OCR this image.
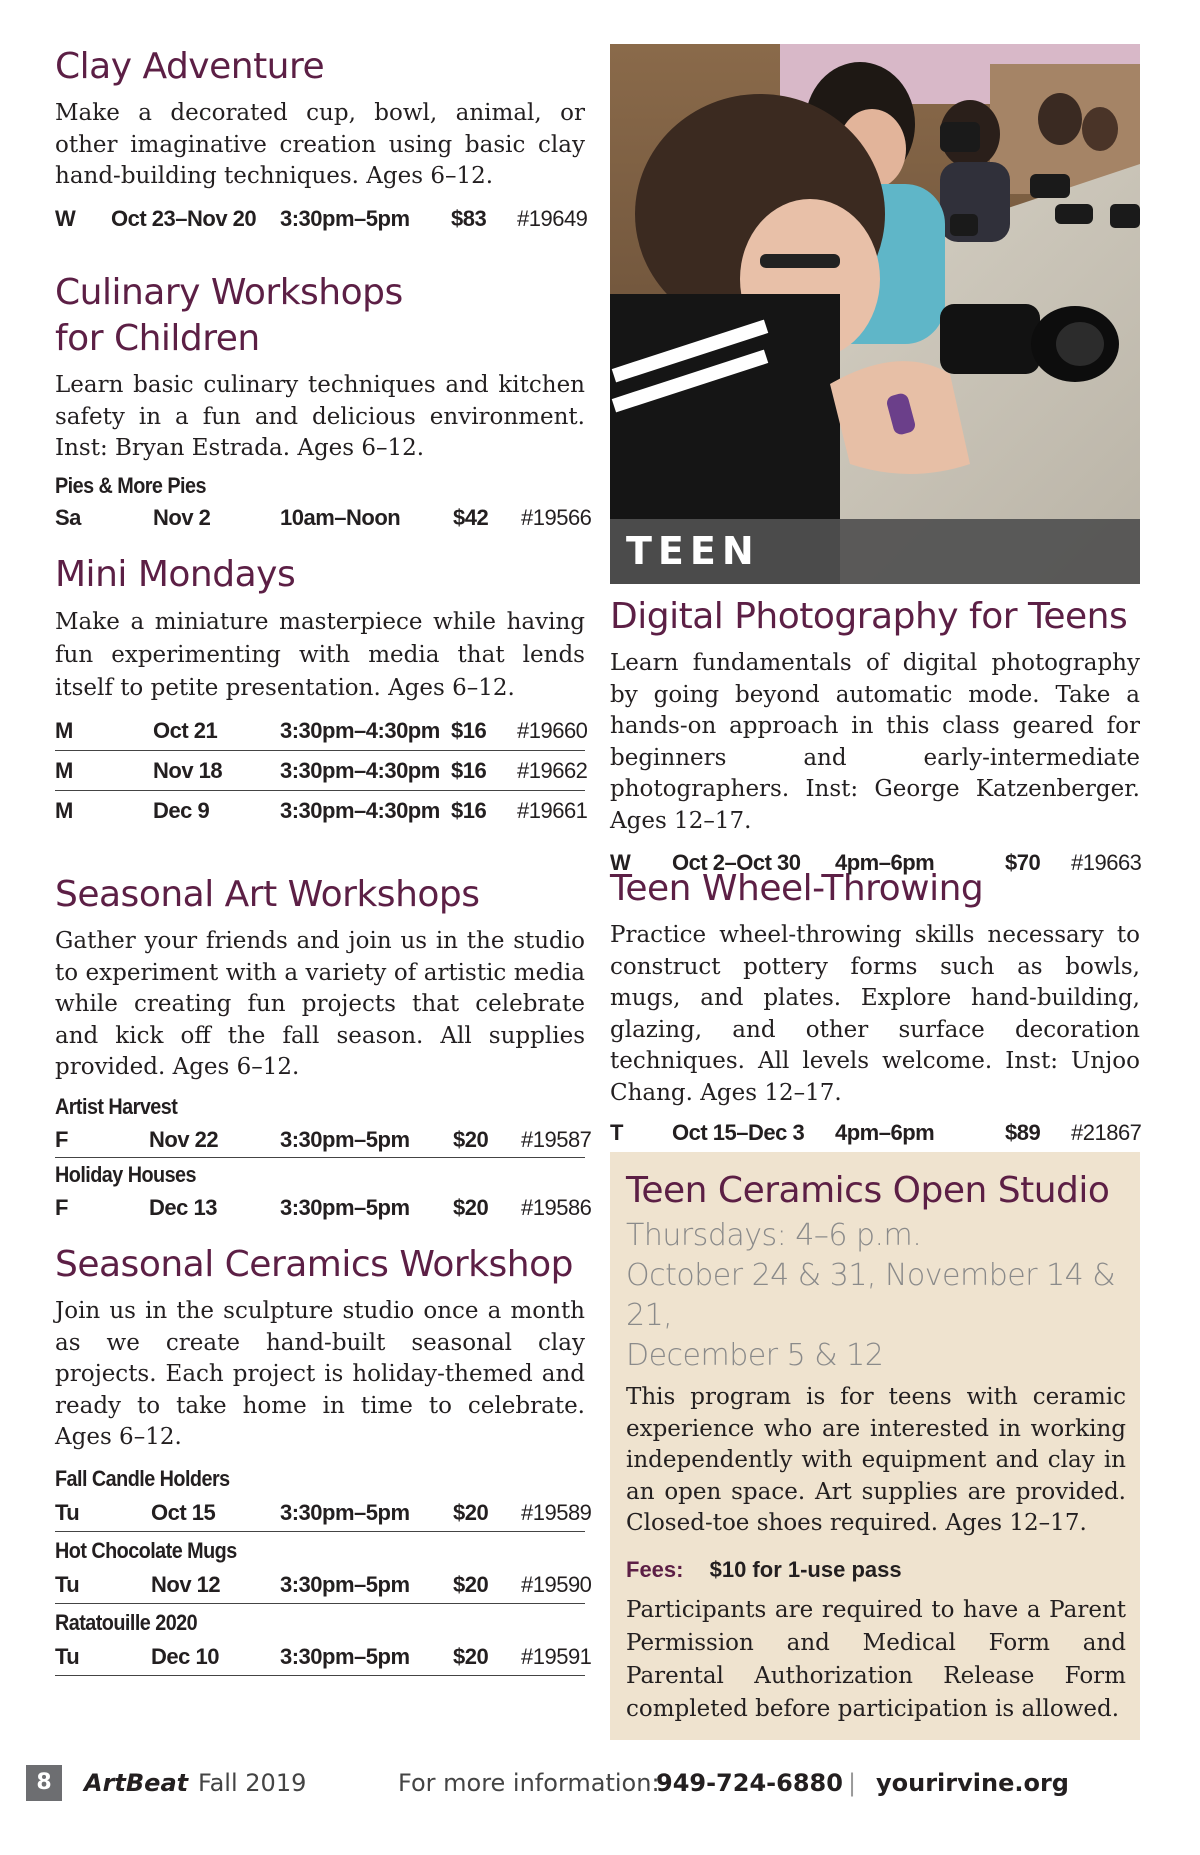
Clay Adventure

Make a decorated cup, bowl, animal, or other imaginative creation using basic clay hand-building techniques. Ages 6–12.

W Oct 23–Nov 20 3:30pm–5pm $83 #19649
Culinary Workshops
for Children

Learn basic culinary techniques and kitchen safety in a fun and delicious environment. Inst: Bryan Estrada. Ages 6–12.

Pies & More Pies
Sa	Nov 2	10am–Noon $42 #19566
Mini Mondays

Make a miniature masterpiece while having fun experimenting with media that lends itself to petite presentation. Ages 6–12.

M	Oct 21	3:30pm–4:30pm $16 #19660
M	Nov 18	3:30pm–4:30pm $16 #19662
M	Dec 9	3:30pm–4:30pm $16 #19661
Seasonal Art Workshops

Gather your friends and join us in the studio to experiment with a variety of artistic media while creating fun projects that celebrate and kick off the fall season. All supplies provided. Ages 6–12.

Artist Harvest
F	Nov 22	3:30pm–5pm $20 #19587
Holiday Houses
F	Dec 13	3:30pm–5pm $20 #19586
Seasonal Ceramics Workshop

Join us in the sculpture studio once a month as we create hand-built seasonal clay projects. Each project is holiday-themed and ready to take home in time to celebrate. Ages 6–12.

Fall Candle Holders
Tu	Oct 15	3:30pm–5pm $20 #19589
Hot Chocolate Mugs
Tu	Nov 12	3:30pm–5pm $20 #19590
Ratatouille 2020
Tu	Dec 10	3:30pm–5pm $20 #19591
TEEN
Digital Photography for Teens

Learn fundamentals of digital photography by going beyond automatic mode. Take a hands-on approach in this class geared for beginners and early-intermediate photographers. Inst: George Katzenberger. Ages 12–17.

W Oct 2–Oct 30 4pm–6pm	$70 #19663
Teen Wheel-Throwing

Practice wheel-throwing skills necessary to construct pottery forms such as bowls, mugs, and plates. Explore hand-building, glazing, and other surface decoration techniques. All levels welcome. Inst: Unjoo Chang. Ages 12–17.

T Oct 15–Dec 3 4pm–6pm	$89 #21867
Teen Ceramics Open Studio
Thursdays: 4–6 p.m.
October 24 & 31, November 14 & 21,
December 5 & 12

This program is for teens with ceramic experience who are interested in working independently with equipment and clay in an open space. Art supplies are provided. Closed-toe shoes required. Ages 12–17.

Fees: $10 for 1-use pass

Participants are required to have a Parent Permission and Medical Form and Parental Authorization Release Form completed before participation is allowed.

8	ArtBeat Fall 2019	For more information:
949-724-6880 | yourirvine.org
